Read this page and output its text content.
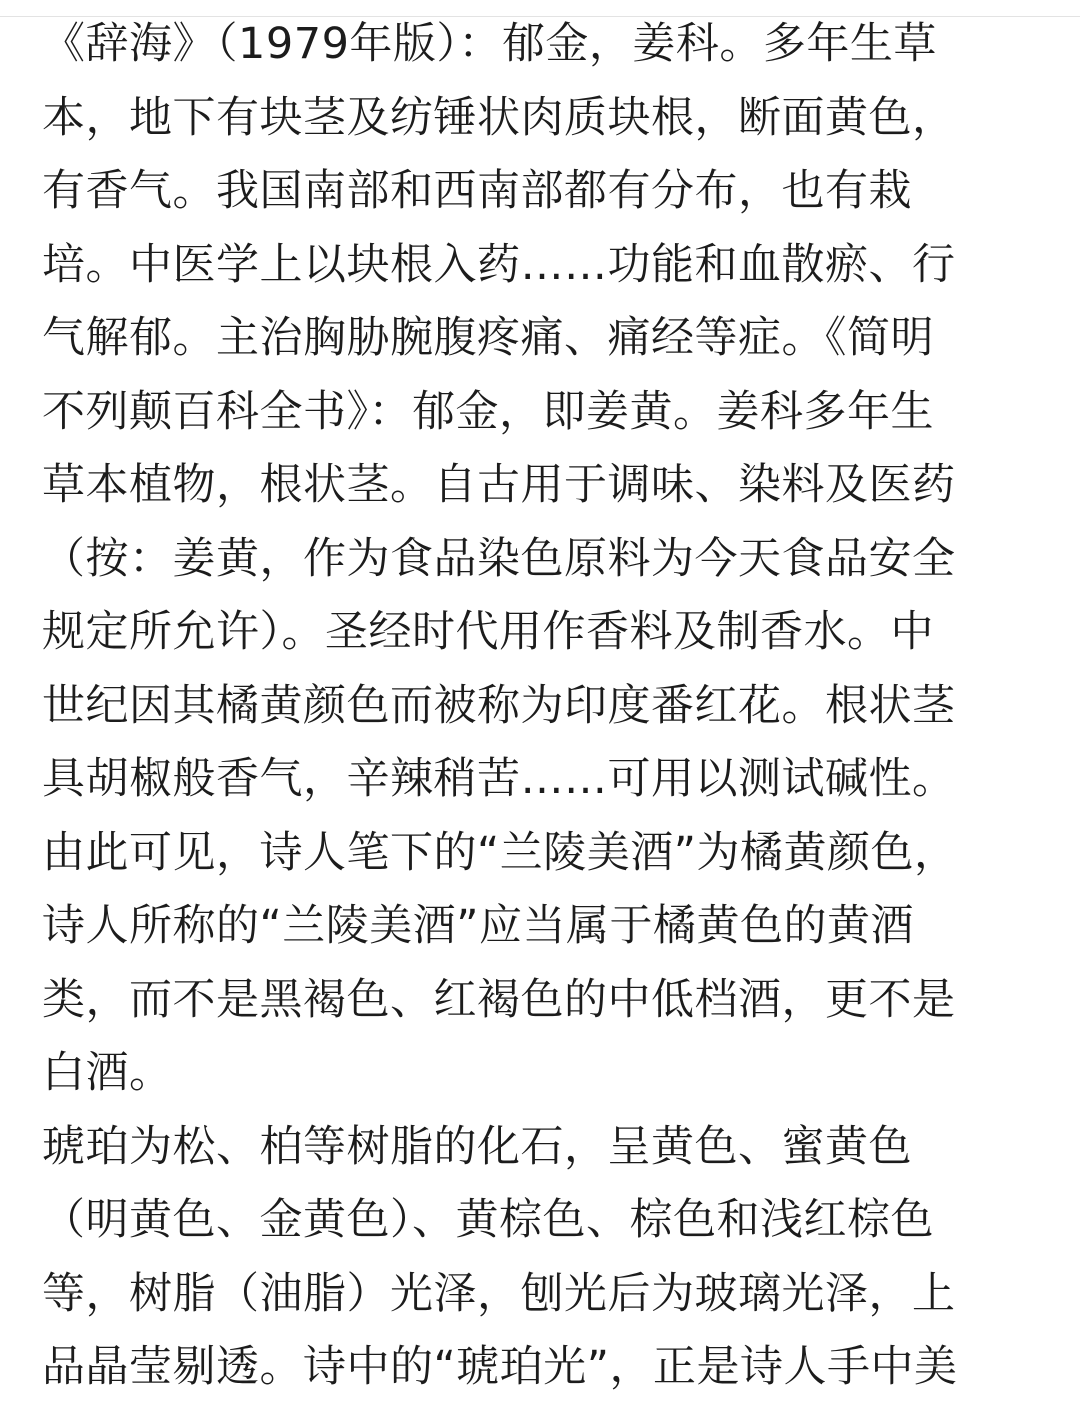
《辞海》（1979年版）：郁金，姜科。多年生草
本，地下有块茎及纺锤状肉质块根，断面黄色，
有香气。我国南部和西南部都有分布，也有栽
培。中医学上以块根入药……功能和血散瘀、行
气解郁。主治胸胁腕腹疼痛、痛经等症。《简明
不列颠百科全书》：郁金，即姜黄。姜科多年生
草本植物，根状茎。自古用于调味、染料及医药
（按：姜黄，作为食品染色原料为今天食品安全
规定所允许）。圣经时代用作香料及制香水。中
世纪因其橘黄颜色而被称为印度番红花。根状茎
具胡椒般香气，辛辣稍苦……可用以测试碱性。
由此可见，诗人笔下的“兰陵美酒”为橘黄颜色，
诗人所称的“兰陵美酒”应当属于橘黄色的黄酒
类，而不是黑褐色、红褐色的中低档酒，更不是
白酒。
琥珀为松、柏等树脂的化石，呈黄色、蜜黄色
（明黄色、金黄色）、黄棕色、棕色和浅红棕色
等，树脂（油脂）光泽，刨光后为玻璃光泽，上
品晶莹剔透。诗中的“琥珀光”，正是诗人手中美
